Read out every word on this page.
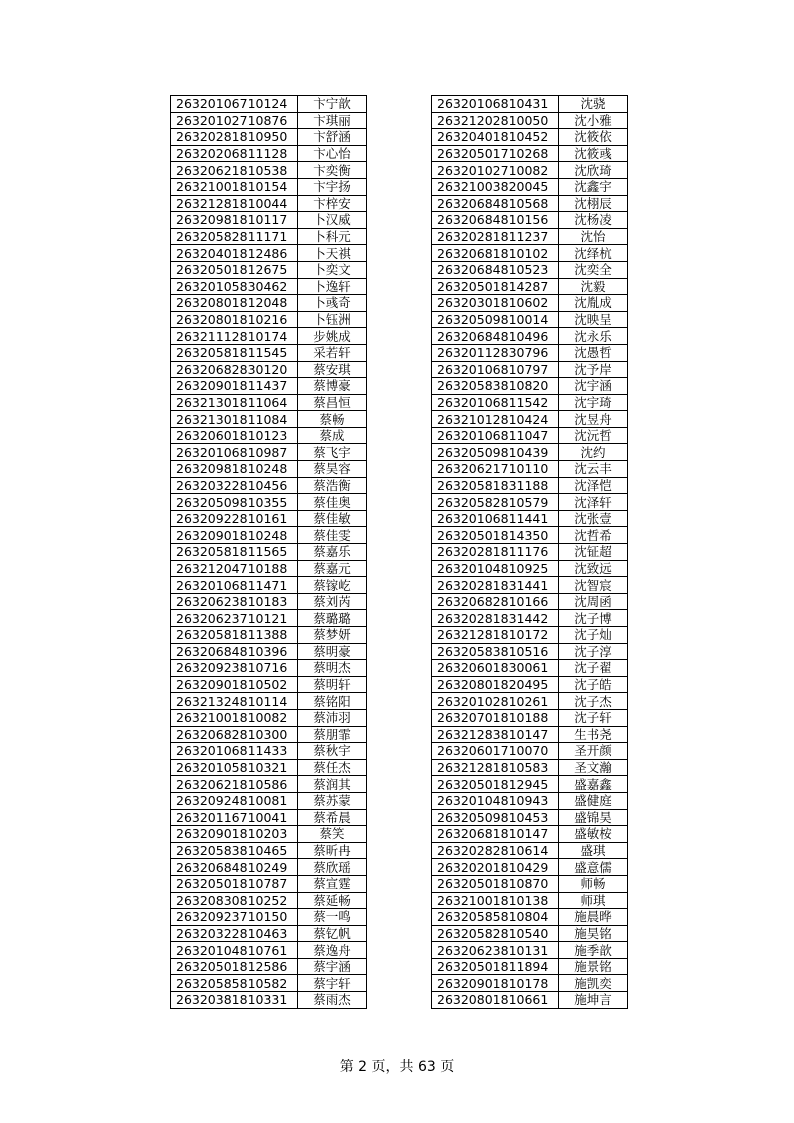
26320106710124	卞宁歆
26320102710876	卞琪丽
26320281810950	卞舒涵
26320206811128	卞心怡
26320621810538	卞奕衡
26321001810154	卞宇扬
26321281810044	卞梓安
26320981810117	卜汉威
26320582811171	卜科元
26320401812486	卜天祺
26320501812675	卜奕文
26320105830462	卜逸轩
26320801812048	卜彧奇
26320801810216	卜钰洲
26321112810174	步姚成
26320581811545	采若轩
26320682830120	蔡安琪
26320901811437	蔡博豪
26321301811064	蔡昌恒
26321301811084	蔡畅
26320601810123	蔡成
26320106810987	蔡飞宇
26320981810248	蔡昊容
26320322810456	蔡浩衡
26320509810355	蔡佳奥
26320922810161	蔡佳敏
26320901810248	蔡佳雯
26320581811565	蔡嘉乐
26321204710188	蔡嘉元
26320106811471	蔡镓屹
26320623810183	蔡刘芮
26320623710121	蔡璐璐
26320581811388	蔡梦妍
26320684810396	蔡明豪
26320923810716	蔡明杰
26320901810502	蔡明轩
26321324810114	蔡铭阳
26321001810082	蔡沛羽
26320682810300	蔡朋霏
26320106811433	蔡秋宇
26320105810321	蔡任杰
26320621810586	蔡润其
26320924810081	蔡苏蒙
26320116710041	蔡希晨
26320901810203	蔡笑
26320583810465	蔡昕冉
26320684810249	蔡欣瑶
26320501810787	蔡宣霆
26320830810252	蔡延畅
26320923710150	蔡一鸣
26320322810463	蔡钇帆
26320104810761	蔡逸舟
26320501812586	蔡宇涵
26320585810582	蔡宇轩
26320381810331	蔡雨杰
26320106810431	沈骁
26321202810050	沈小雅
26320401810452	沈筱依
26320501710268	沈筱彧
26320102710082	沈欣琦
26321003820045	沈鑫宇
26320684810568	沈栩辰
26320684810156	沈杨凌
26320281811237	沈怡
26320681810102	沈绎杭
26320684810523	沈奕全
26320501814287	沈毅
26320301810602	沈胤成
26320509810014	沈映呈
26320684810496	沈永乐
26320112830796	沈愚哲
26320106810797	沈予岸
26320583810820	沈宇涵
26320106811542	沈宇琦
26321012810424	沈昱舟
26320106811047	沈沅哲
26320509810439	沈约
26320621710110	沈云丰
26320581831188	沈泽恺
26320582810579	沈泽轩
26320106811441	沈张壹
26320501814350	沈哲希
26320281811176	沈钲超
26320104810925	沈致远
26320281831441	沈智宸
26320682810166	沈周函
26320281831442	沈子博
26321281810172	沈子灿
26320583810516	沈子淳
26320601830061	沈子翟
26320801820495	沈子皓
26320102810261	沈子杰
26320701810188	沈子轩
26321283810147	生书尧
26320601710070	圣开颜
26321281810583	圣文瀚
26320501812945	盛嘉鑫
26320104810943	盛健庭
26320509810453	盛锦昊
26320681810147	盛敏桉
26320282810614	盛琪
26320201810429	盛意儒
26320501810870	师畅
26321001810138	师琪
26320585810804	施晨晔
26320582810540	施昊铭
26320623810131	施季歆
26320501811894	施景铭
26320901810178	施凯奕
26320801810661	施坤言
第 2 页，共 63 页
